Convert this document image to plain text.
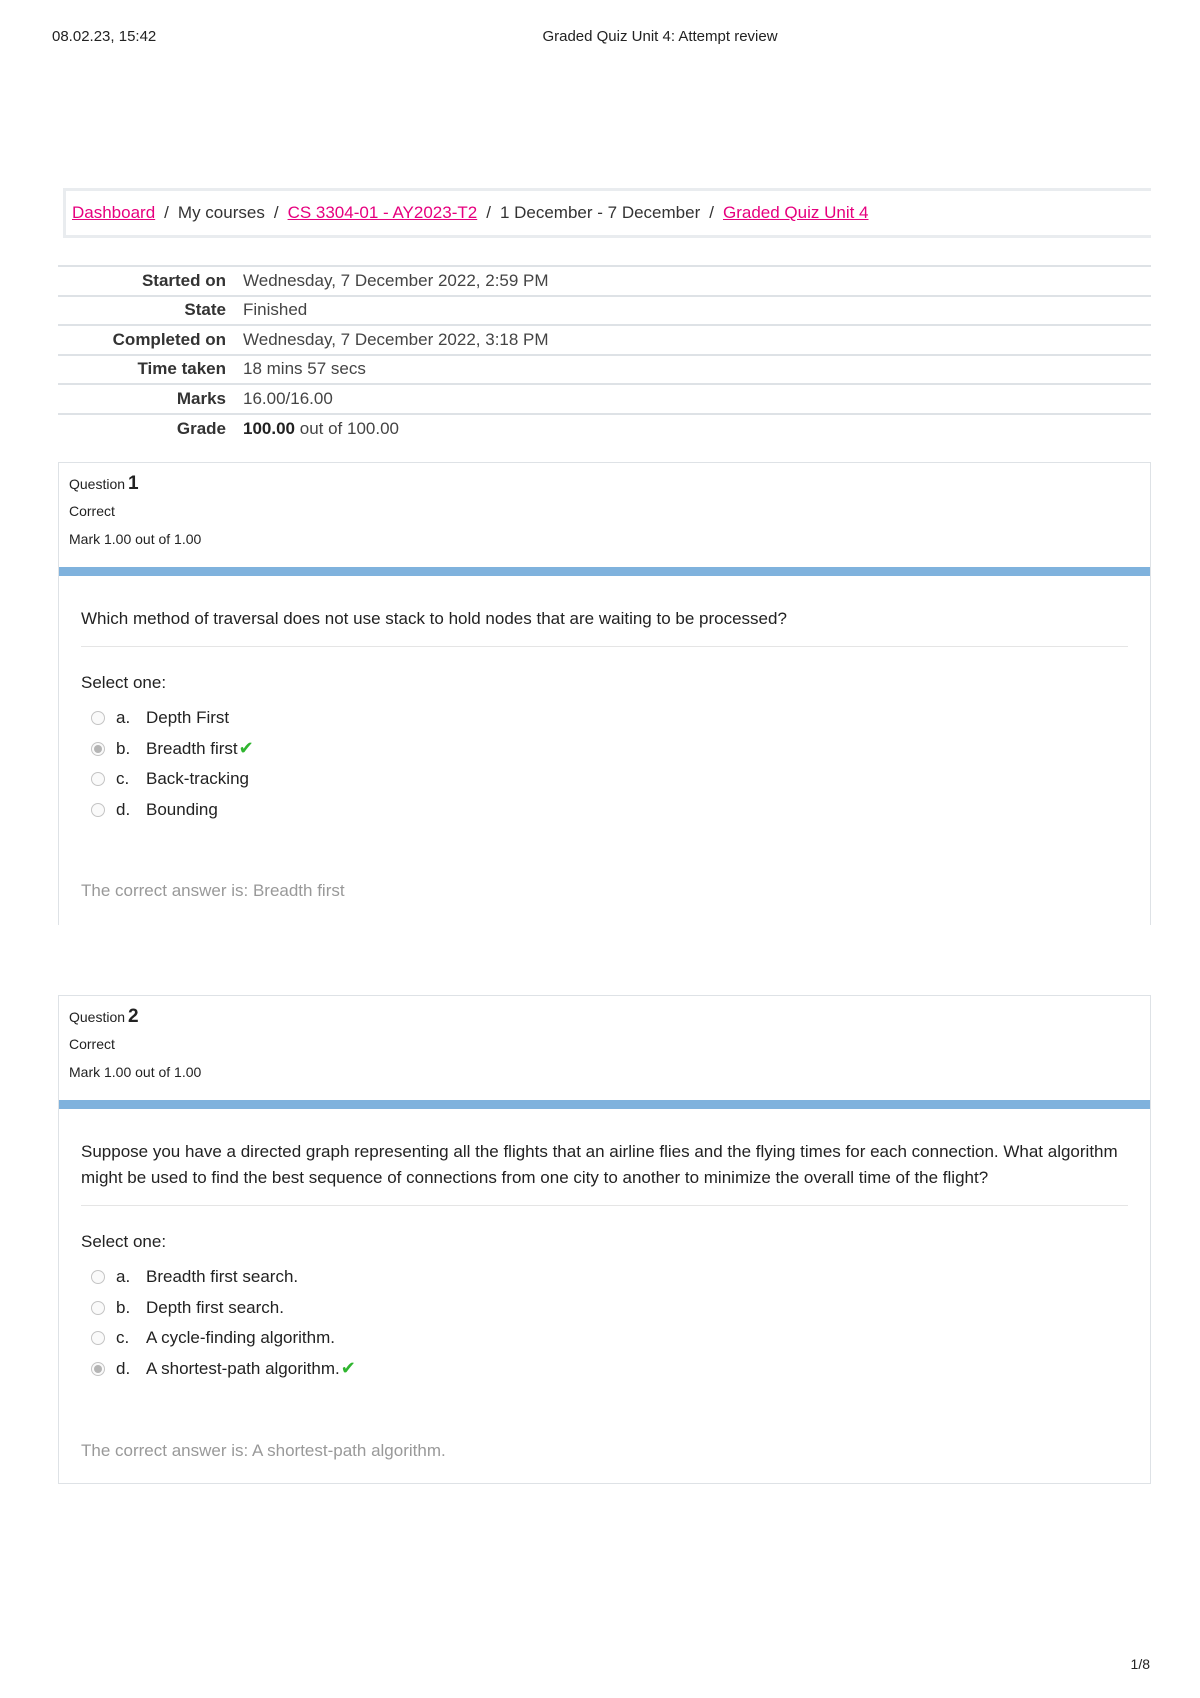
08.02.23, 15:42	Graded Quiz Unit 4: Attempt review
Dashboard / My courses / CS 3304-01 - AY2023-T2 / 1 December - 7 December / Graded Quiz Unit 4
Started on	Wednesday, 7 December 2022, 2:59 PM
State	Finished
Completed on	Wednesday, 7 December 2022, 3:18 PM
Time taken	18 mins 57 secs
Marks	16.00/16.00
Grade	100.00 out of 100.00
Question 1
Correct
Mark 1.00 out of 1.00
Which method of traversal does not use stack to hold nodes that are waiting to be processed?
Select one:
a. Depth First
b. Breadth first ✔
c. Back-tracking
d. Bounding
The correct answer is: Breadth first
Question 2
Correct
Mark 1.00 out of 1.00
Suppose you have a directed graph representing all the flights that an airline flies and the flying times for each connection. What algorithm might be used to find the best sequence of connections from one city to another to minimize the overall time of the flight?
Select one:
a. Breadth first search.
b. Depth first search.
c. A cycle-finding algorithm.
d. A shortest-path algorithm. ✔
The correct answer is: A shortest-path algorithm.
1/8
